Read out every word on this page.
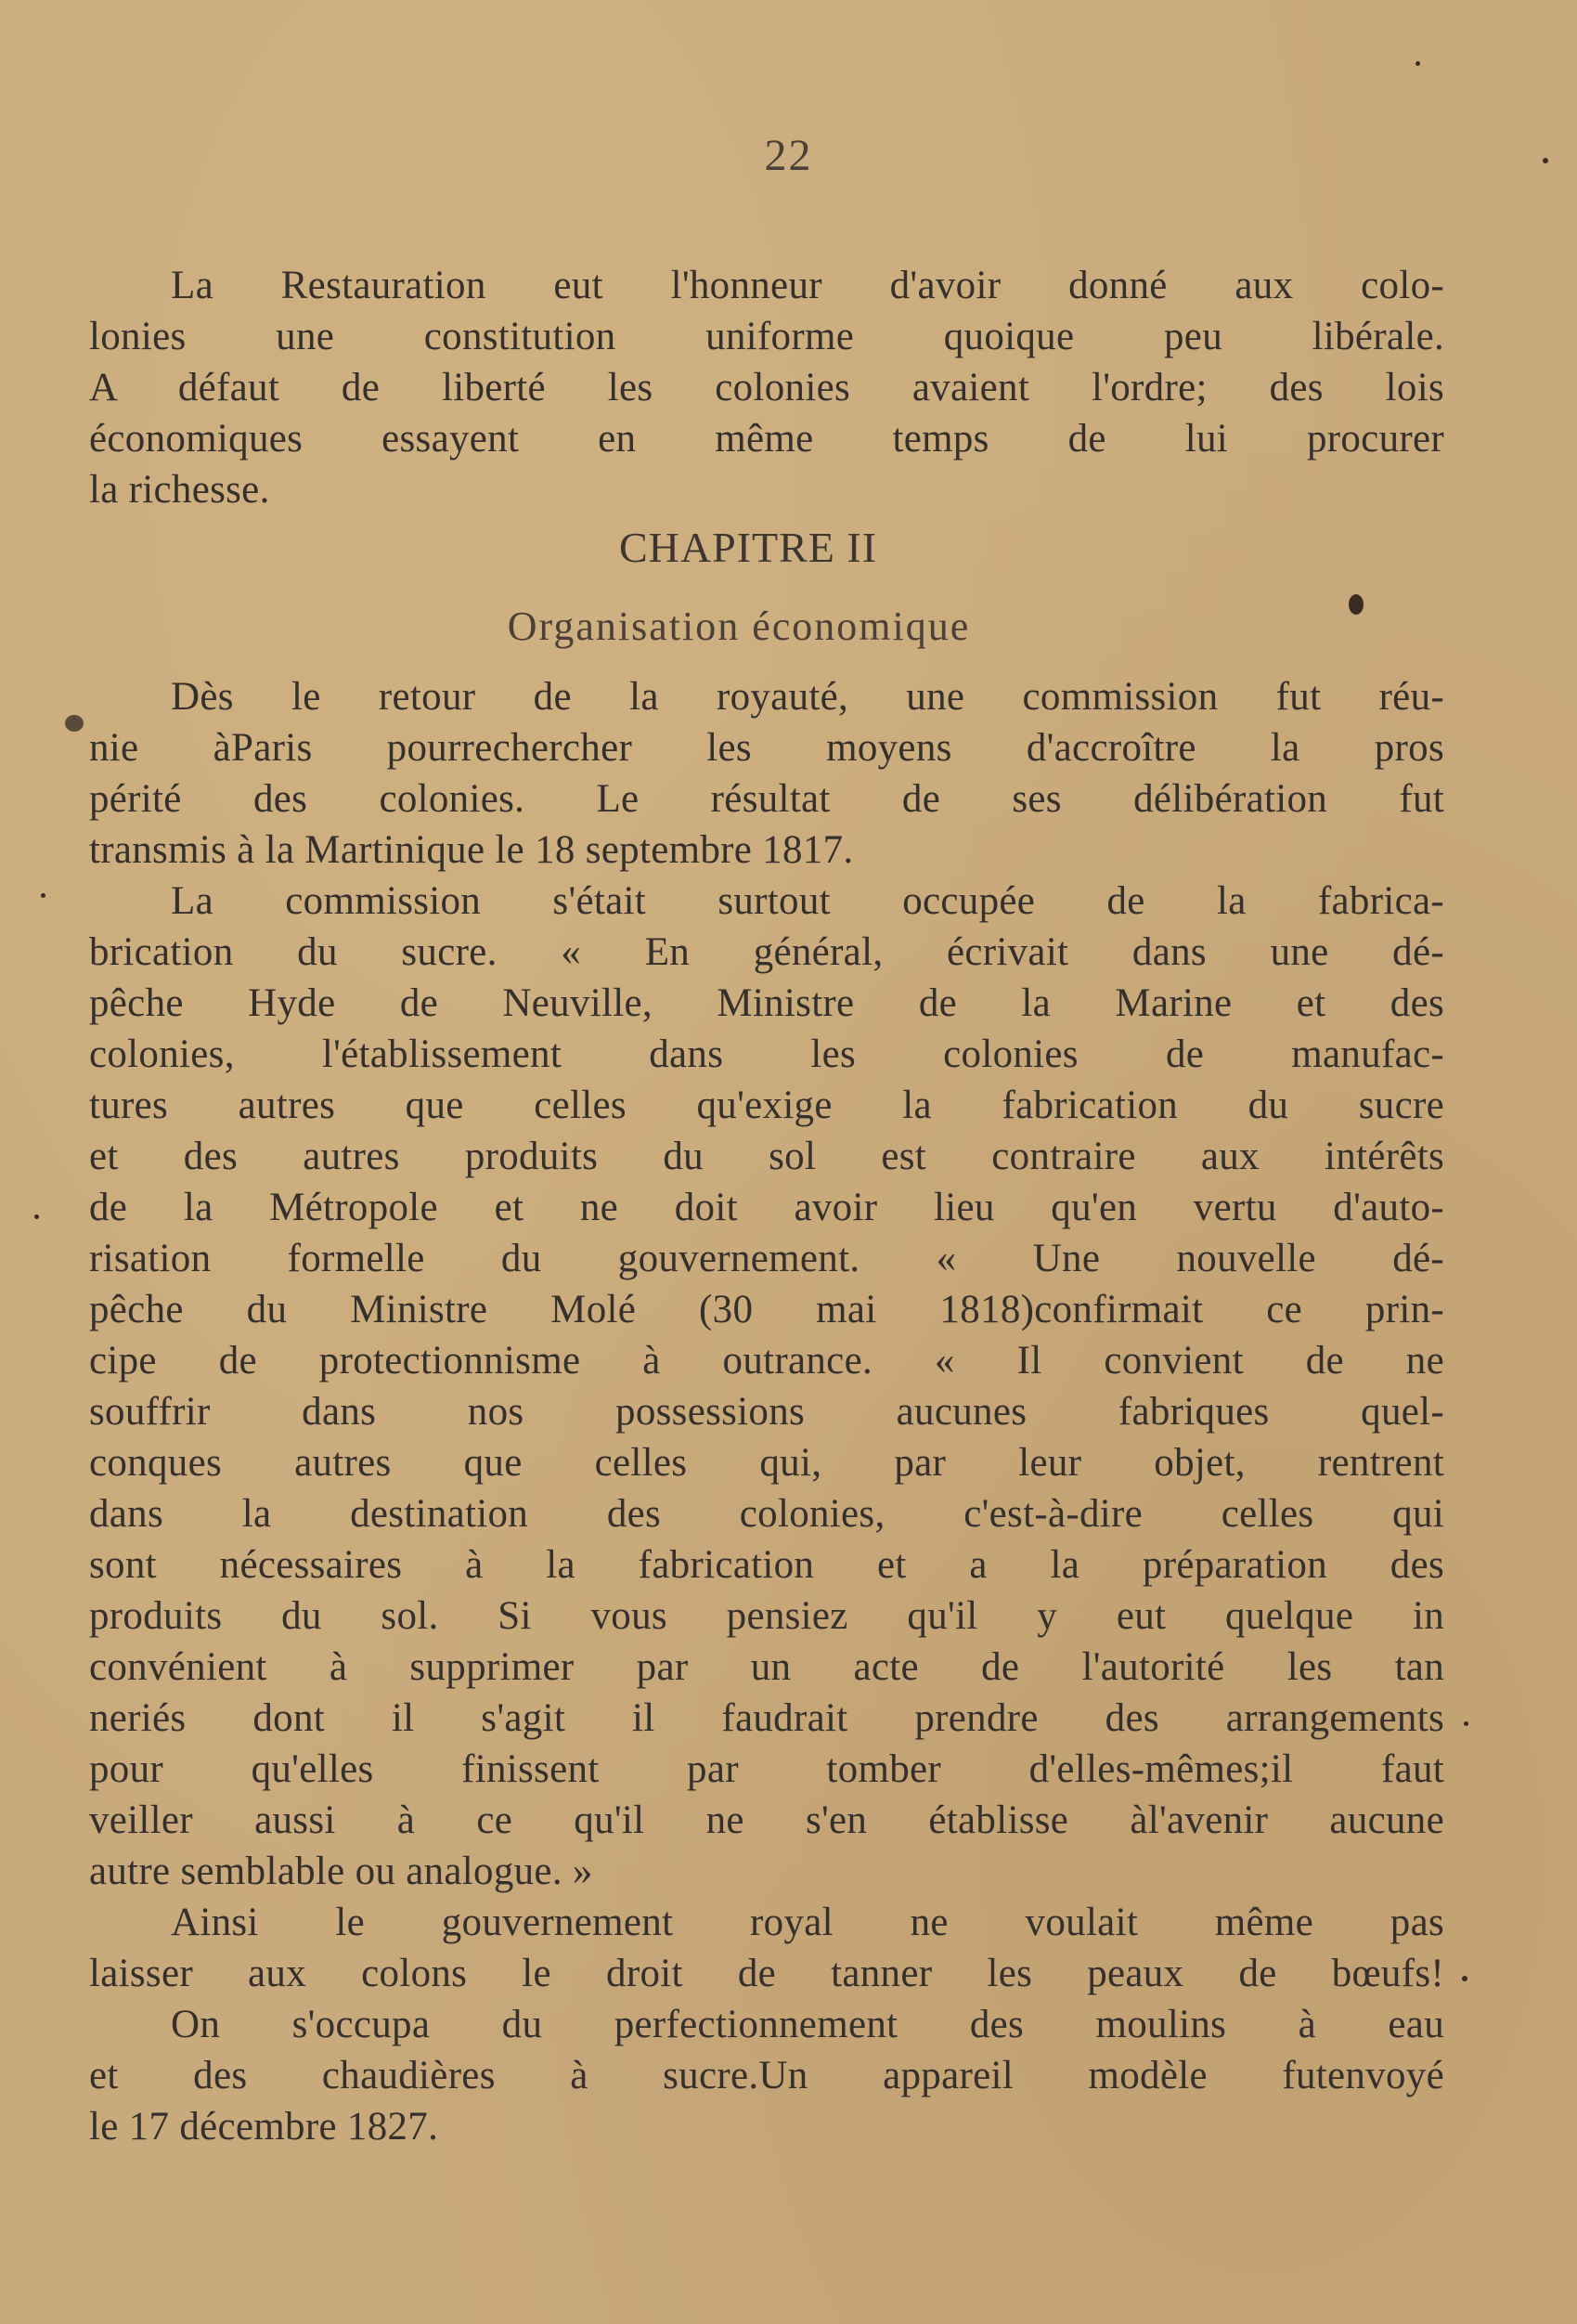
22
La Restauration eut l'honneur d'avoir donné aux colo-
lonies une constitution uniforme quoique peu libérale.
A défaut de liberté les colonies avaient l'ordre; des lois
économiques essayent en même temps de lui procurer
la richesse.
CHAPITRE II
Organisation économique
Dès le retour de la royauté, une commission fut réu-
nie àParis pourrechercher les moyens d'accroître la pros
périté des colonies. Le résultat de ses délibération fut
transmis à la Martinique le 18 septembre 1817.
La commission s'était surtout occupée de la fabrica-
brication du sucre. « En général, écrivait dans une dé-
pêche Hyde de Neuville, Ministre de la Marine et des
colonies, l'établissement dans les colonies de manufac-
tures autres que celles qu'exige la fabrication du sucre
et des autres produits du sol est contraire aux intérêts
de la Métropole et ne doit avoir lieu qu'en vertu d'auto-
risation formelle du gouvernement. « Une nouvelle dé-
pêche du Ministre Molé (30 mai 1818)confirmait ce prin-
cipe de protectionnisme à outrance. « Il convient de ne
souffrir dans nos possessions aucunes fabriques quel-
conques autres que celles qui, par leur objet, rentrent
dans la destination des colonies, c'est-à-dire celles qui
sont nécessaires à la fabrication et a la préparation des
produits du sol. Si vous pensiez qu'il y eut quelque in
convénient à supprimer par un acte de l'autorité les tan
neriés dont il s'agit il faudrait prendre des arrangements
pour qu'elles finissent par tomber d'elles-mêmes;il faut
veiller aussi à ce qu'il ne s'en établisse àl'avenir aucune
autre semblable ou analogue. »
Ainsi le gouvernement royal ne voulait même pas
laisser aux colons le droit de tanner les peaux de bœufs!
On s'occupa du perfectionnement des moulins à eau
et des chaudières à sucre.Un appareil modèle futenvoyé
le 17 décembre 1827.
